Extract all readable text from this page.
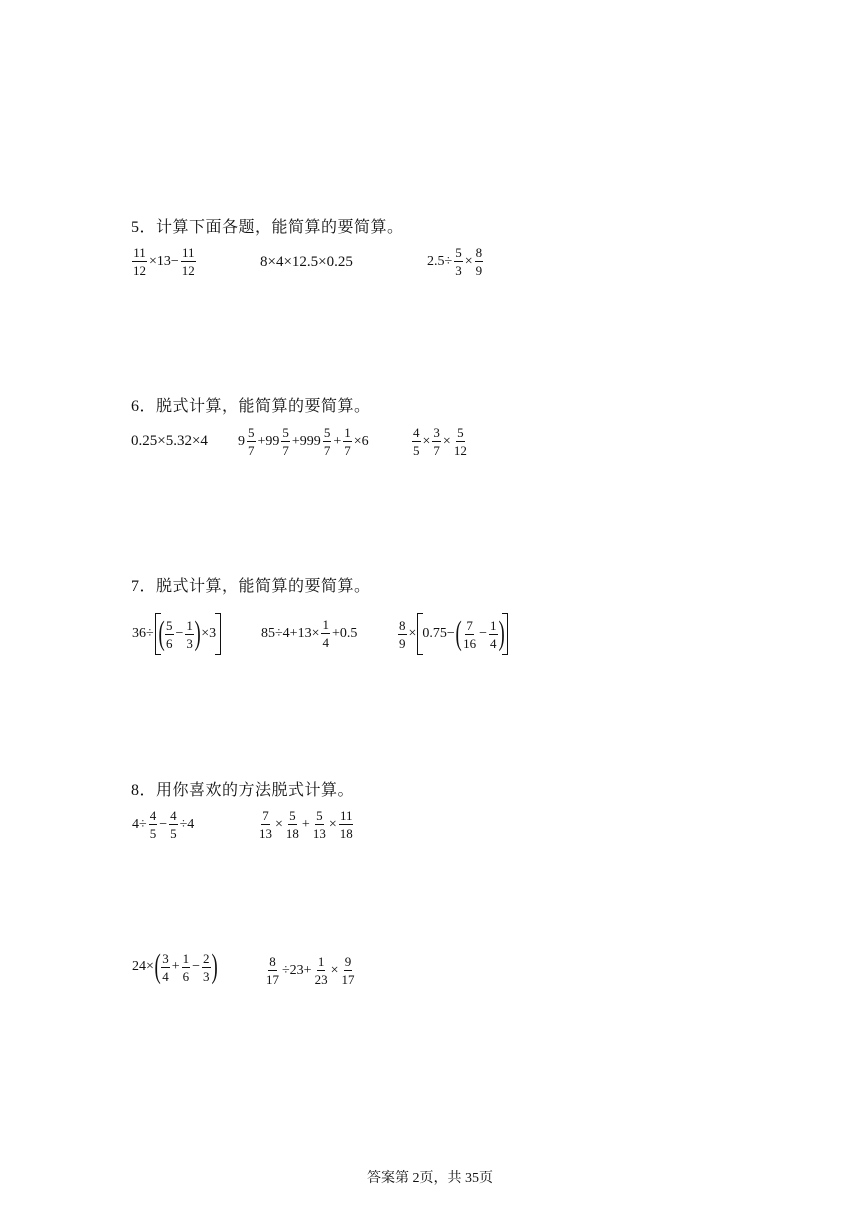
5．计算下面各题，能简算的要简算。
$\frac{11}{12} \times 13- \frac{11}{12}$	8×4×12.5×0.25	$2.5\div \frac{5}{3} \times \frac{8}{9}$
6．脱式计算，能简算的要简算。
0.25×5.32×4 $9 \frac{5}{7} +99 \frac{5}{7} +999 \frac{5}{7} + \frac{1}{7} \times 6$	$\frac{4}{5} \times \frac{3}{7} \times \frac{5}{12}$
7．脱式计算，能简算的要简算。
36÷ ( $\frac{5}{6} - \frac{1}{3}$ ) ×3	$85\div 4+13\times \frac{1}{4} +0.5$	$\frac{8}{9} \times 0.75-$ ( $\frac{7}{16} - \frac{1}{4}$ )
8．用你喜欢的方法脱式计算。
$4\div \frac{4}{5} - \frac{4}{5} \div 4$	$\frac{7}{13} \times \frac{5}{18} + \frac{5}{13} \times \frac{11}{18}$
24× ( $\frac{3}{4} + \frac{1}{6} - \frac{2}{3}$ )	$\frac{8}{17} \div 23+ \frac{1}{23} \times \frac{9}{17}$
答案第 2页，共 35页
